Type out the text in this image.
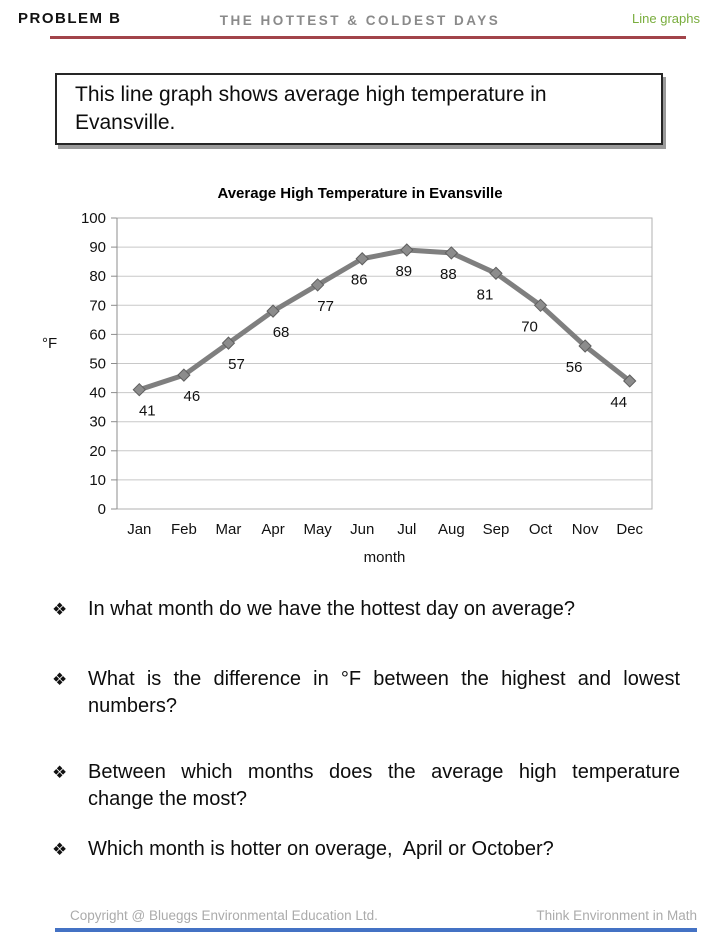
PROBLEM B	THE HOTTEST & COLDEST DAYS	Line graphs
This line graph shows average high temperature in Evansville.
Average High Temperature in Evansville
0
10
20
30
40
50
60
70
80
90
100
°F
Jan Feb Mar Apr May Jun Jul Aug Sep Oct Nov Dec
month
41
46
57
68
77
86
89 88
81
70
56
44
❖ In what month do we have the hottest day on average?
❖ What is the difference in °F between the highest and lowest numbers?
❖ Between which months does the average high temperature change the most?
❖ Which month is hotter on overage,  April or October?
Copyright @ Blueggs Environmental Education Ltd.	Think Environment in Math
